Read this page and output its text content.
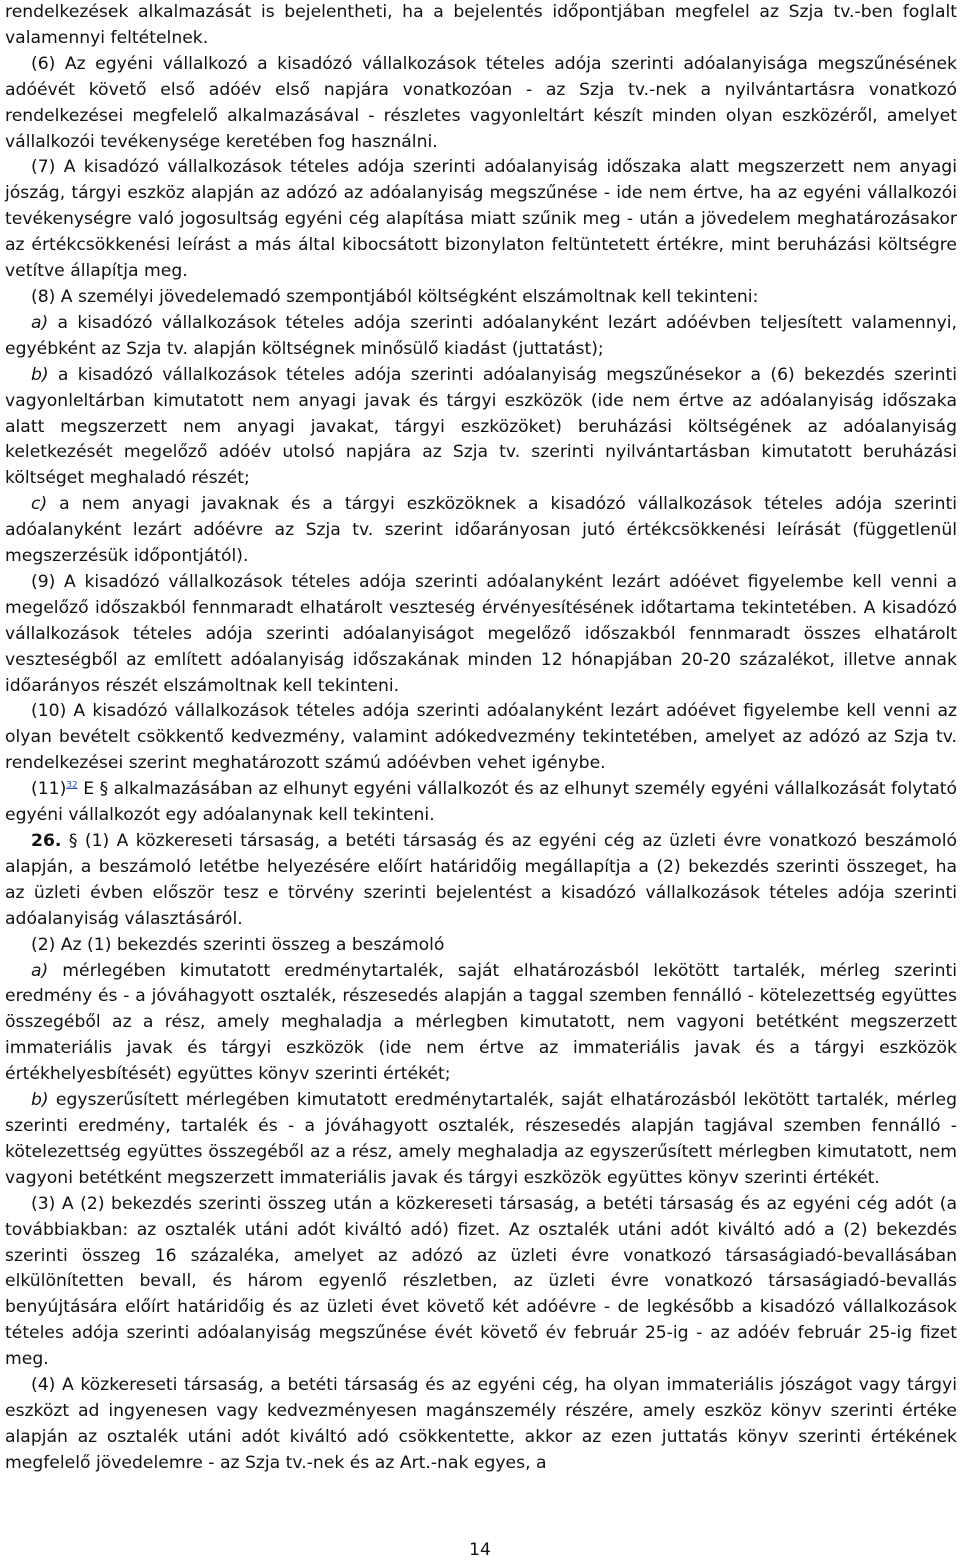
rendelkezések alkalmazását is bejelentheti, ha a bejelentés időpontjában megfelel az Szja tv.-ben foglalt valamennyi feltételnek.

(6) Az egyéni vállalkozó a kisadózó vállalkozások tételes adója szerinti adóalanyisága megszűnésének adóévét követő első adóév első napjára vonatkozóan - az Szja tv.-nek a nyilvántartásra vonatkozó rendelkezései megfelelő alkalmazásával - részletes vagyonleltárt készít minden olyan eszközéről, amelyet vállalkozói tevékenysége keretében fog használni.

(7) A kisadózó vállalkozások tételes adója szerinti adóalanyiság időszaka alatt megszerzett nem anyagi jószág, tárgyi eszköz alapján az adózó az adóalanyiság megszűnése - ide nem értve, ha az egyéni vállalkozói tevékenységre való jogosultság egyéni cég alapítása miatt szűnik meg - után a jövedelem meghatározásakor az értékcsökkenési leírást a más által kibocsátott bizonylaton feltüntetett értékre, mint beruházási költségre vetítve állapítja meg.

(8) A személyi jövedelemadó szempontjából költségként elszámoltnak kell tekinteni:

a) a kisadózó vállalkozások tételes adója szerinti adóalanyként lezárt adóévben teljesített valamennyi, egyébként az Szja tv. alapján költségnek minősülő kiadást (juttatást);

b) a kisadózó vállalkozások tételes adója szerinti adóalanyiság megszűnésekor a (6) bekezdés szerinti vagyonleltárban kimutatott nem anyagi javak és tárgyi eszközök (ide nem értve az adóalanyiság időszaka alatt megszerzett nem anyagi javakat, tárgyi eszközöket) beruházási költségének az adóalanyiság keletkezését megelőző adóév utolsó napjára az Szja tv. szerinti nyilvántartásban kimutatott beruházási költséget meghaladó részét;

c) a nem anyagi javaknak és a tárgyi eszközöknek a kisadózó vállalkozások tételes adója szerinti adóalanyként lezárt adóévre az Szja tv. szerint időarányosan jutó értékcsökkenési leírását (függetlenül megszerzésük időpontjától).

(9) A kisadózó vállalkozások tételes adója szerinti adóalanyként lezárt adóévet figyelembe kell venni a megelőző időszakból fennmaradt elhatárolt veszteség érvényesítésének időtartama tekintetében. A kisadózó vállalkozások tételes adója szerinti adóalanyiságot megelőző időszakból fennmaradt összes elhatárolt veszteségből az említett adóalanyiság időszakának minden 12 hónapjában 20-20 százalékot, illetve annak időarányos részét elszámoltnak kell tekinteni.

(10) A kisadózó vállalkozások tételes adója szerinti adóalanyként lezárt adóévet figyelembe kell venni az olyan bevételt csökkentő kedvezmény, valamint adókedvezmény tekintetében, amelyet az adózó az Szja tv. rendelkezései szerint meghatározott számú adóévben vehet igénybe.

(11)$^{32}$ E § alkalmazásában az elhunyt egyéni vállalkozót és az elhunyt személy egyéni vállalkozását folytató egyéni vállalkozót egy adóalanynak kell tekinteni.

26. § (1) A közkereseti társaság, a betéti társaság és az egyéni cég az üzleti évre vonatkozó beszámoló alapján, a beszámoló letétbe helyezésére előírt határidőig megállapítja a (2) bekezdés szerinti összeget, ha az üzleti évben először tesz e törvény szerinti bejelentést a kisadózó vállalkozások tételes adója szerinti adóalanyiság választásáról.

(2) Az (1) bekezdés szerinti összeg a beszámoló

a) mérlegében kimutatott eredménytartalék, saját elhatározásból lekötött tartalék, mérleg szerinti eredmény és - a jóváhagyott osztalék, részesedés alapján a taggal szemben fennálló - kötelezettség együttes összegéből az a rész, amely meghaladja a mérlegben kimutatott, nem vagyoni betétként megszerzett immateriális javak és tárgyi eszközök (ide nem értve az immateriális javak és a tárgyi eszközök értékhelyesbítését) együttes könyv szerinti értékét;

b) egyszerűsített mérlegében kimutatott eredménytartalék, saját elhatározásból lekötött tartalék, mérleg szerinti eredmény, tartalék és - a jóváhagyott osztalék, részesedés alapján tagjával szemben fennálló - kötelezettség együttes összegéből az a rész, amely meghaladja az egyszerűsített mérlegben kimutatott, nem vagyoni betétként megszerzett immateriális javak és tárgyi eszközök együttes könyv szerinti értékét.

(3) A (2) bekezdés szerinti összeg után a közkereseti társaság, a betéti társaság és az egyéni cég adót (a továbbiakban: az osztalék utáni adót kiváltó adó) fizet. Az osztalék utáni adót kiváltó adó a (2) bekezdés szerinti összeg 16 százaléka, amelyet az adózó az üzleti évre vonatkozó társaságiadó-bevallásában elkülönítetten bevall, és három egyenlő részletben, az üzleti évre vonatkozó társaságiadó-bevallás benyújtására előírt határidőig és az üzleti évet követő két adóévre - de legkésőbb a kisadózó vállalkozások tételes adója szerinti adóalanyiság megszűnése évét követő év február 25-ig - az adóév február 25-ig fizet meg.

(4) A közkereseti társaság, a betéti társaság és az egyéni cég, ha olyan immateriális jószágot vagy tárgyi eszközt ad ingyenesen vagy kedvezményesen magánszemély részére, amely eszköz könyv szerinti értéke alapján az osztalék utáni adót kiváltó adó csökkentette, akkor az ezen juttatás könyv szerinti értékének megfelelő jövedelemre - az Szja tv.-nek és az Art.-nak egyes, a

14
